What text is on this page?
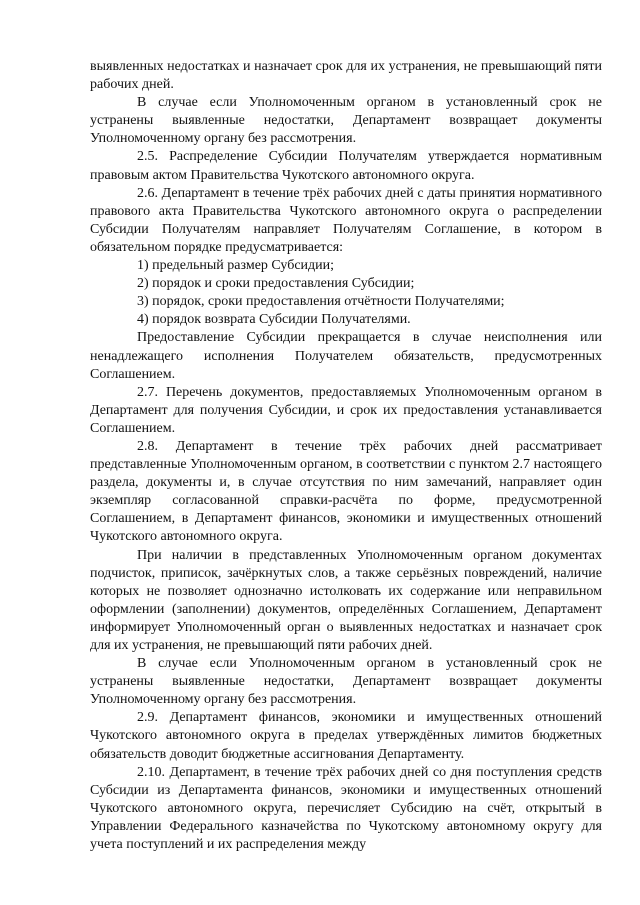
выявленных недостатках и назначает срок для их устранения, не превышающий пяти рабочих дней.

В случае если Уполномоченным органом в установленный срок не устранены выявленные недостатки, Департамент возвращает документы Уполномоченному органу без рассмотрения.

2.5. Распределение Субсидии Получателям утверждается нормативным правовым актом Правительства Чукотского автономного округа.

2.6. Департамент в течение трёх рабочих дней с даты принятия нормативного правового акта Правительства Чукотского автономного округа о распределении Субсидии Получателям направляет Получателям Соглашение, в котором в обязательном порядке предусматривается:

1) предельный размер Субсидии;

2) порядок и сроки предоставления Субсидии;

3) порядок, сроки предоставления отчётности Получателями;

4) порядок возврата Субсидии Получателями.

Предоставление Субсидии прекращается в случае неисполнения или ненадлежащего исполнения Получателем обязательств, предусмотренных Соглашением.

2.7. Перечень документов, предоставляемых Уполномоченным органом в Департамент для получения Субсидии, и срок их предоставления устанавливается Соглашением.

2.8. Департамент в течение трёх рабочих дней рассматривает представленные Уполномоченным органом, в соответствии с пунктом 2.7 настоящего раздела, документы и, в случае отсутствия по ним замечаний, направляет один экземпляр согласованной справки-расчёта по форме, предусмотренной Соглашением, в Департамент финансов, экономики и имущественных отношений Чукотского автономного округа.

При наличии в представленных Уполномоченным органом документах подчисток, приписок, зачёркнутых слов, а также серьёзных повреждений, наличие которых не позволяет однозначно истолковать их содержание или неправильном оформлении (заполнении) документов, определённых Соглашением, Департамент информирует Уполномоченный орган о выявленных недостатках и назначает срок для их устранения, не превышающий пяти рабочих дней.

В случае если Уполномоченным органом в установленный срок не устранены выявленные недостатки, Департамент возвращает документы Уполномоченному органу без рассмотрения.

2.9. Департамент финансов, экономики и имущественных отношений Чукотского автономного округа в пределах утверждённых лимитов бюджетных обязательств доводит бюджетные ассигнования Департаменту.

2.10. Департамент, в течение трёх рабочих дней со дня поступления средств Субсидии из Департамента финансов, экономики и имущественных отношений Чукотского автономного округа, перечисляет Субсидию на счёт, открытый в Управлении Федерального казначейства по Чукотскому автономному округу для учета поступлений и их распределения между
